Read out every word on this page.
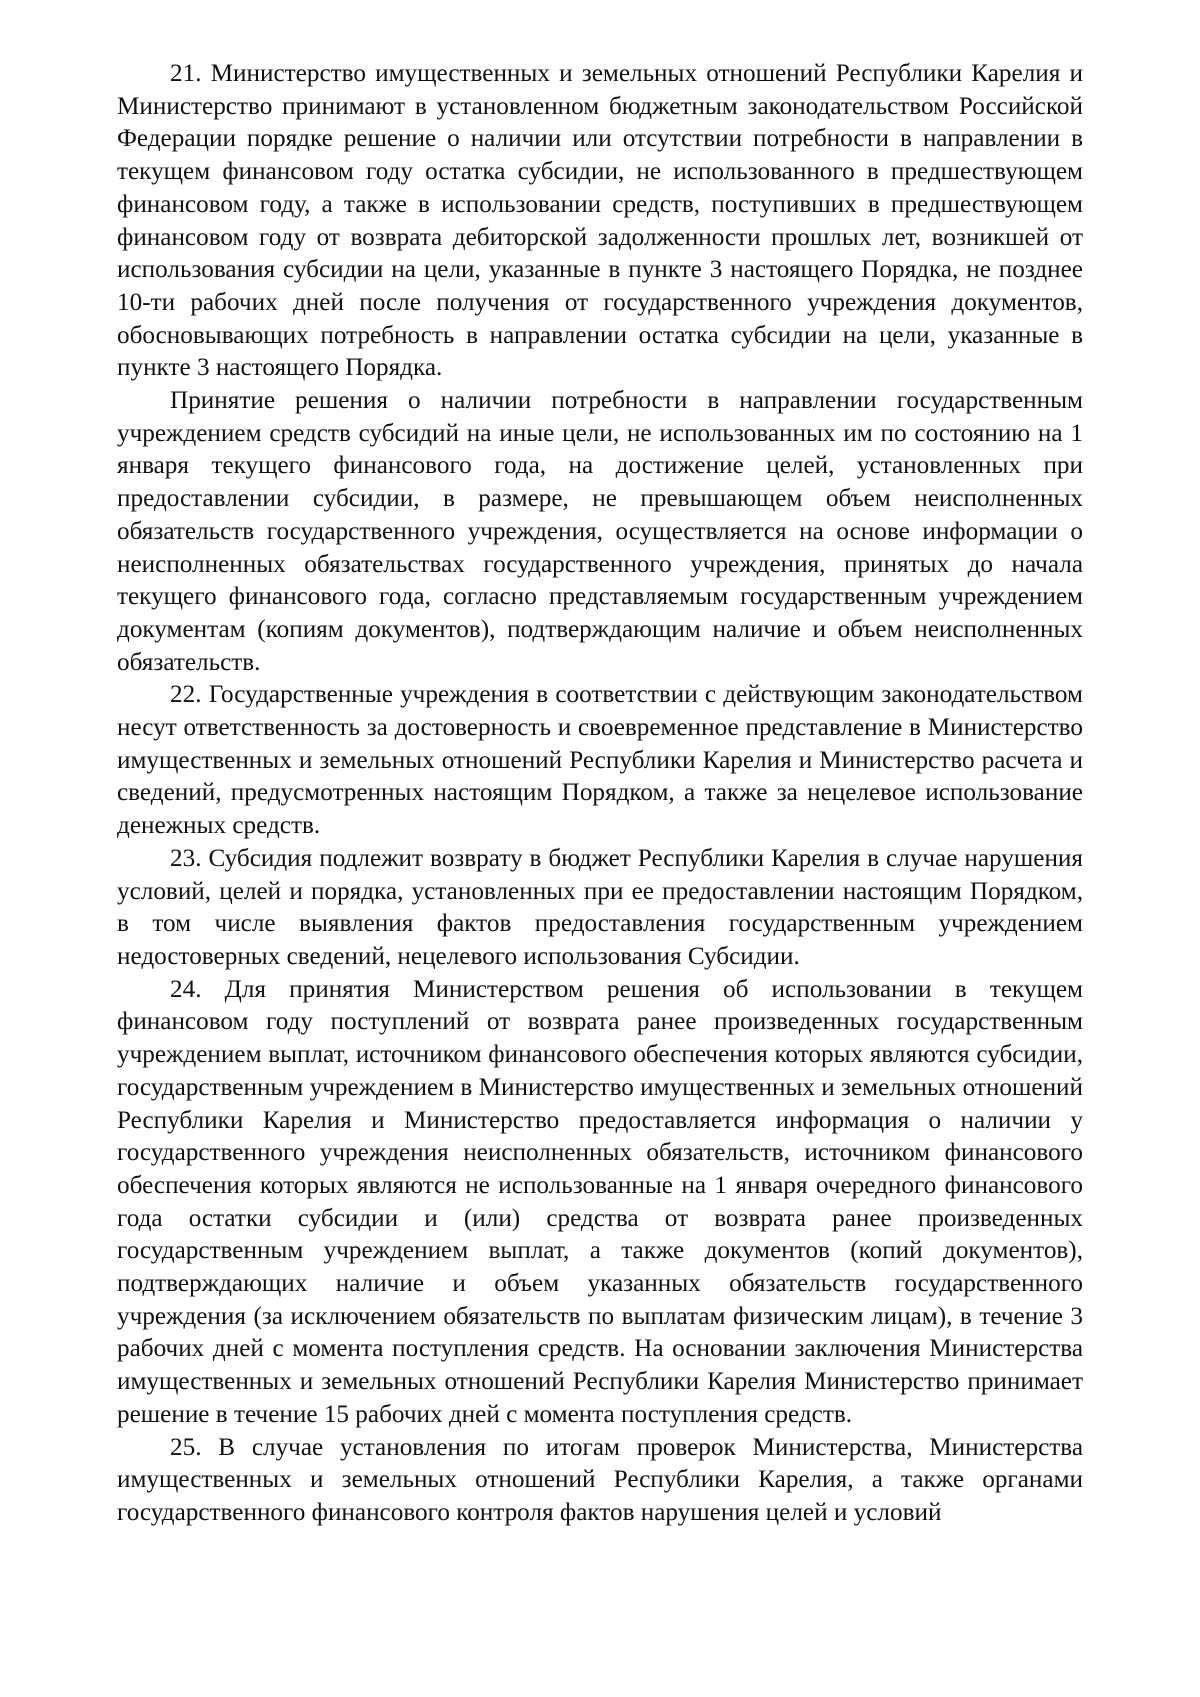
21. Министерство имущественных и земельных отношений Республики Карелия и Министерство принимают в установленном бюджетным законодательством Российской Федерации порядке решение о наличии или отсутствии потребности в направлении в текущем финансовом году остатка субсидии, не использованного в предшествующем финансовом году, а также в использовании средств, поступивших в предшествующем финансовом году от возврата дебиторской задолженности прошлых лет, возникшей от использования субсидии на цели, указанные в пункте 3 настоящего Порядка, не позднее 10-ти рабочих дней после получения от государственного учреждения документов, обосновывающих потребность в направлении остатка субсидии на цели, указанные в пункте 3 настоящего Порядка.

Принятие решения о наличии потребности в направлении государственным учреждением средств субсидий на иные цели, не использованных им по состоянию на 1 января текущего финансового года, на достижение целей, установленных при предоставлении субсидии, в размере, не превышающем объем неисполненных обязательств государственного учреждения, осуществляется на основе информации о неисполненных обязательствах государственного учреждения, принятых до начала текущего финансового года, согласно представляемым государственным учреждением документам (копиям документов), подтверждающим наличие и объем неисполненных обязательств.

22. Государственные учреждения в соответствии с действующим законодательством несут ответственность за достоверность и своевременное представление в Министерство имущественных и земельных отношений Республики Карелия и Министерство расчета и сведений, предусмотренных настоящим Порядком, а также за нецелевое использование денежных средств.

23. Субсидия подлежит возврату в бюджет Республики Карелия в случае нарушения условий, целей и порядка, установленных при ее предоставлении настоящим Порядком, в том числе выявления фактов предоставления государственным учреждением недостоверных сведений, нецелевого использования Субсидии.

24. Для принятия Министерством решения об использовании в текущем финансовом году поступлений от возврата ранее произведенных государственным учреждением выплат, источником финансового обеспечения которых являются субсидии, государственным учреждением в Министерство имущественных и земельных отношений Республики Карелия и Министерство предоставляется информация о наличии у государственного учреждения неисполненных обязательств, источником финансового обеспечения которых являются не использованные на 1 января очередного финансового года остатки субсидии и (или) средства от возврата ранее произведенных государственным учреждением выплат, а также документов (копий документов), подтверждающих наличие и объем указанных обязательств государственного учреждения (за исключением обязательств по выплатам физическим лицам), в течение 3 рабочих дней с момента поступления средств. На основании заключения Министерства имущественных и земельных отношений Республики Карелия Министерство принимает решение в течение 15 рабочих дней с момента поступления средств.

25. В случае установления по итогам проверок Министерства, Министерства имущественных и земельных отношений Республики Карелия, а также органами государственного финансового контроля фактов нарушения целей и условий
